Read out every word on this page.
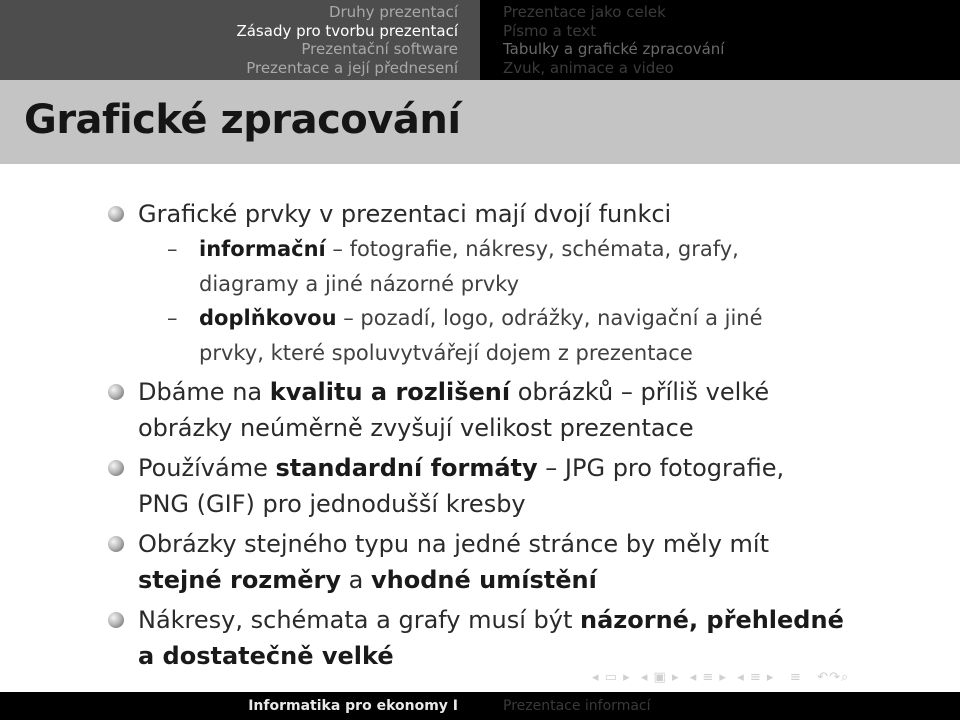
Druhy prezentací
Zásady pro tvorbu prezentací
Prezentační software
Prezentace a její přednesení
Prezentace jako celek
Písmo a text
Tabulky a grafické zpracování
Zvuk, animace a video
Grafické zpracování
Grafické prvky v prezentaci mají dvojí funkci
– informační – fotografie, nákresy, schémata, grafy,
diagramy a jiné názorné prvky
– doplňkovou – pozadí, logo, odrážky, navigační a jiné
prvky, které spoluvytvářejí dojem z prezentace
Dbáme na kvalitu a rozlišení obrázků – příliš velké
obrázky neúměrně zvyšují velikost prezentace
Používáme standardní formáty – JPG pro fotografie,
PNG (GIF) pro jednodušší kresby
Obrázky stejného typu na jedné stránce by měly mít
stejné rozměry a vhodné umístění
Nákresy, schémata a grafy musí být názorné, přehledné
a dostatečně velké
◂ ▭ ▸ ◂ ▣ ▸ ◂ ≡ ▸ ◂ ≡ ▸ ≡ ↶↷⌕
Informatika pro ekonomy I	Prezentace informací
